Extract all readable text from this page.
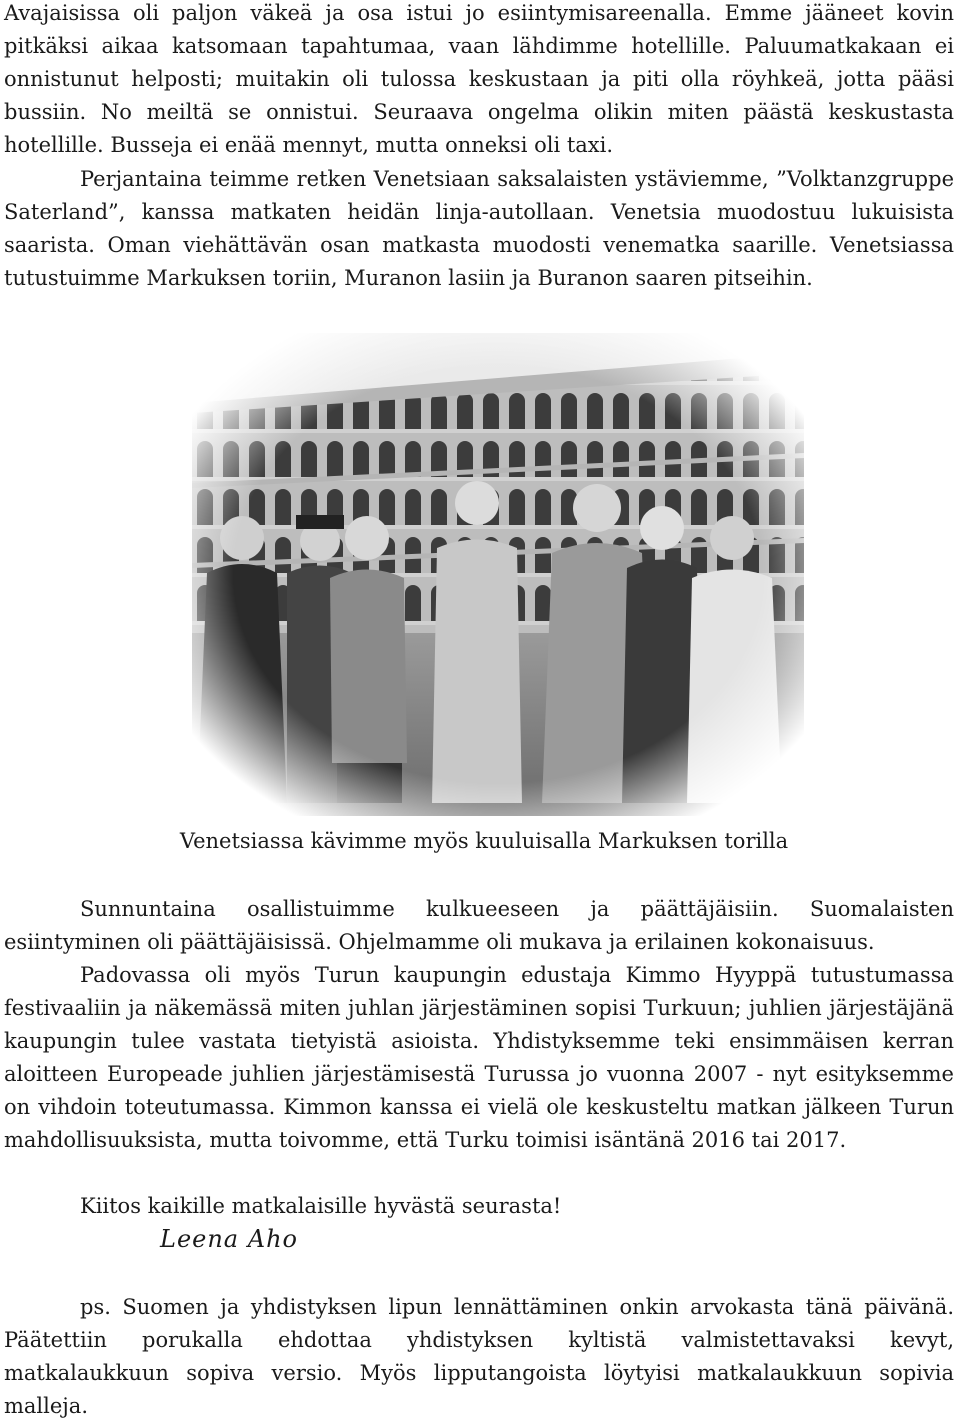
Avajaisissa oli paljon väkeä ja osa istui jo esiintymisareenalla. Emme jääneet kovin pitkäksi aikaa katsomaan tapahtumaa, vaan lähdimme hotellille. Paluumatkakaan ei onnistunut helposti; muitakin oli tulossa keskustaan ja piti olla röyhkeä, jotta pääsi bussiin. No meiltä se onnistui. Seuraava ongelma olikin miten päästä keskustasta hotellille. Busseja ei enää mennyt, mutta onneksi oli taxi.

Perjantaina teimme retken Venetsiaan saksalaisten ystäviemme, ”Volktanzgruppe Saterland”, kanssa matkaten heidän linja-autollaan. Venetsia muodostuu lukuisista saarista. Oman viehättävän osan matkasta muodosti venematka saarille. Venetsiassa tutustuimme Markuksen toriin, Muranon lasiin ja Buranon saaren pitseihin.

Venetsiassa kävimme myös kuuluisalla Markuksen torilla

Sunnuntaina osallistuimme kulkueeseen ja päättäjäisiin. Suomalaisten esiintyminen oli päättäjäisissä. Ohjelmamme oli mukava ja erilainen kokonaisuus.

Padovassa oli myös Turun kaupungin edustaja Kimmo Hyyppä tutustumassa festivaaliin ja näkemässä miten juhlan järjestäminen sopisi Turkuun; juhlien järjestäjänä kaupungin tulee vastata tietyistä asioista. Yhdistyksemme teki ensimmäisen kerran aloitteen Europeade juhlien järjestämisestä Turussa jo vuonna 2007 - nyt esityksemme on vihdoin toteutumassa. Kimmon kanssa ei vielä ole keskusteltu matkan jälkeen Turun mahdollisuuksista, mutta toivomme, että Turku toimisi isäntänä 2016 tai 2017.

Kiitos kaikille matkalaisille hyvästä seurasta!
Leena Aho

ps. Suomen ja yhdistyksen lipun lennättäminen onkin arvokasta tänä päivänä. Päätettiin porukalla ehdottaa yhdistyksen kyltistä valmistettavaksi kevyt, matkalaukkuun sopiva versio. Myös lipputangoista löytyisi matkalaukkuun sopivia malleja.
